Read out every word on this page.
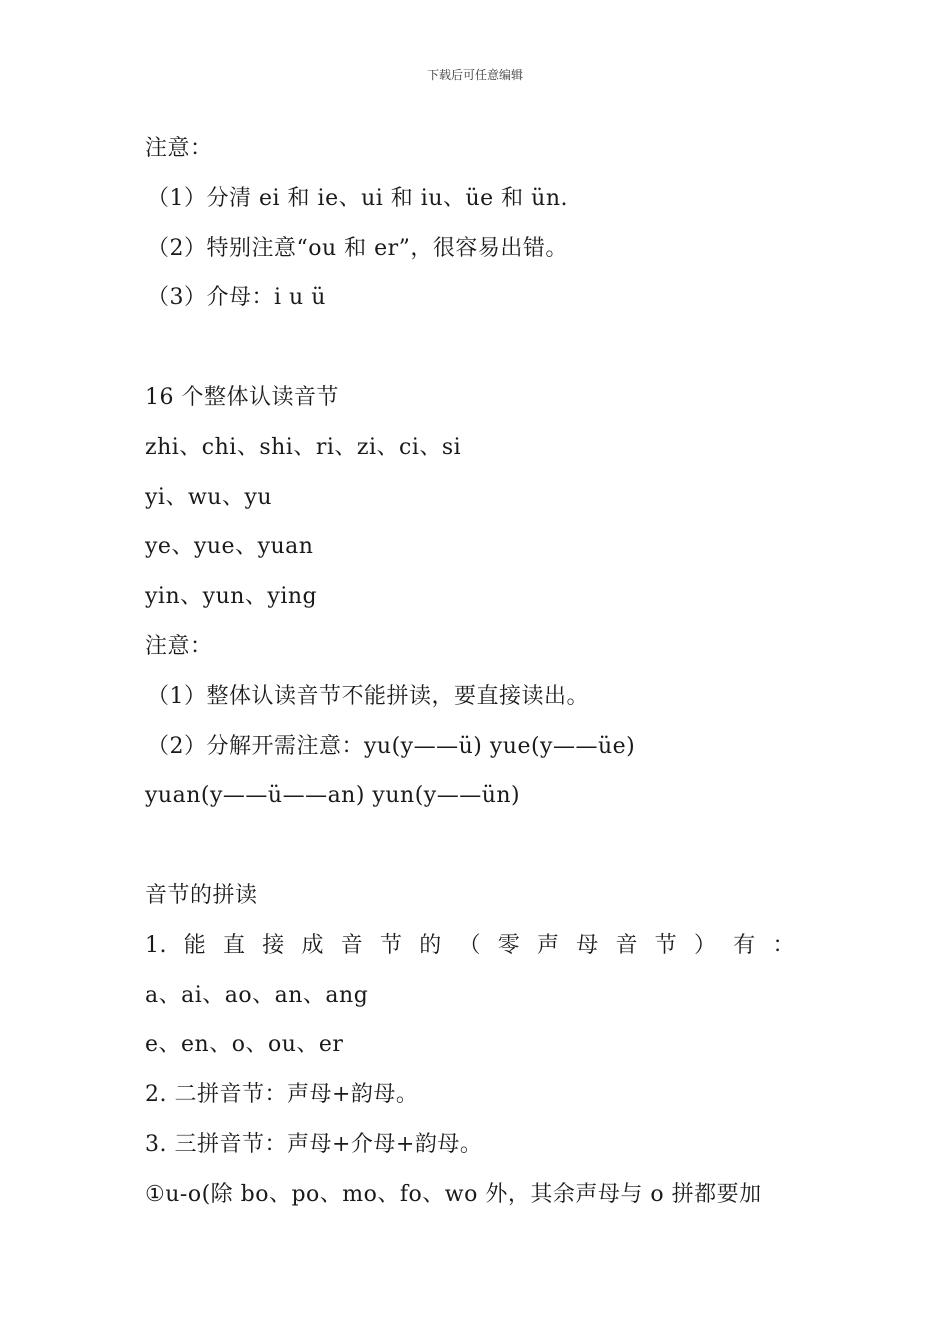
下载后可任意编辑
注意：
（1）分清 ei 和 ie、ui 和 iu、üe 和 ün.
（2）特别注意“ou 和 er”，很容易出错。
（3）介母：i u ü
16 个整体认读音节
zhi、chi、shi、ri、zi、ci、si
yi、wu、yu
ye、yue、yuan
yin、yun、ying
注意：
（1）整体认读音节不能拼读，要直接读出。
（2）分解开需注意：yu(y——ü) yue(y——üe)
yuan(y——ü——an) yun(y——ün)
音节的拼读
1. 能 直 接 成 音 节 的 （ 零 声 母 音 节 ） 有 ：
a、ai、ao、an、ang
e、en、o、ou、er
2. 二拼音节：声母+韵母。
3. 三拼音节：声母+介母+韵母。
①u-o(除 bo、po、mo、fo、wo 外，其余声母与 o 拼都要加
